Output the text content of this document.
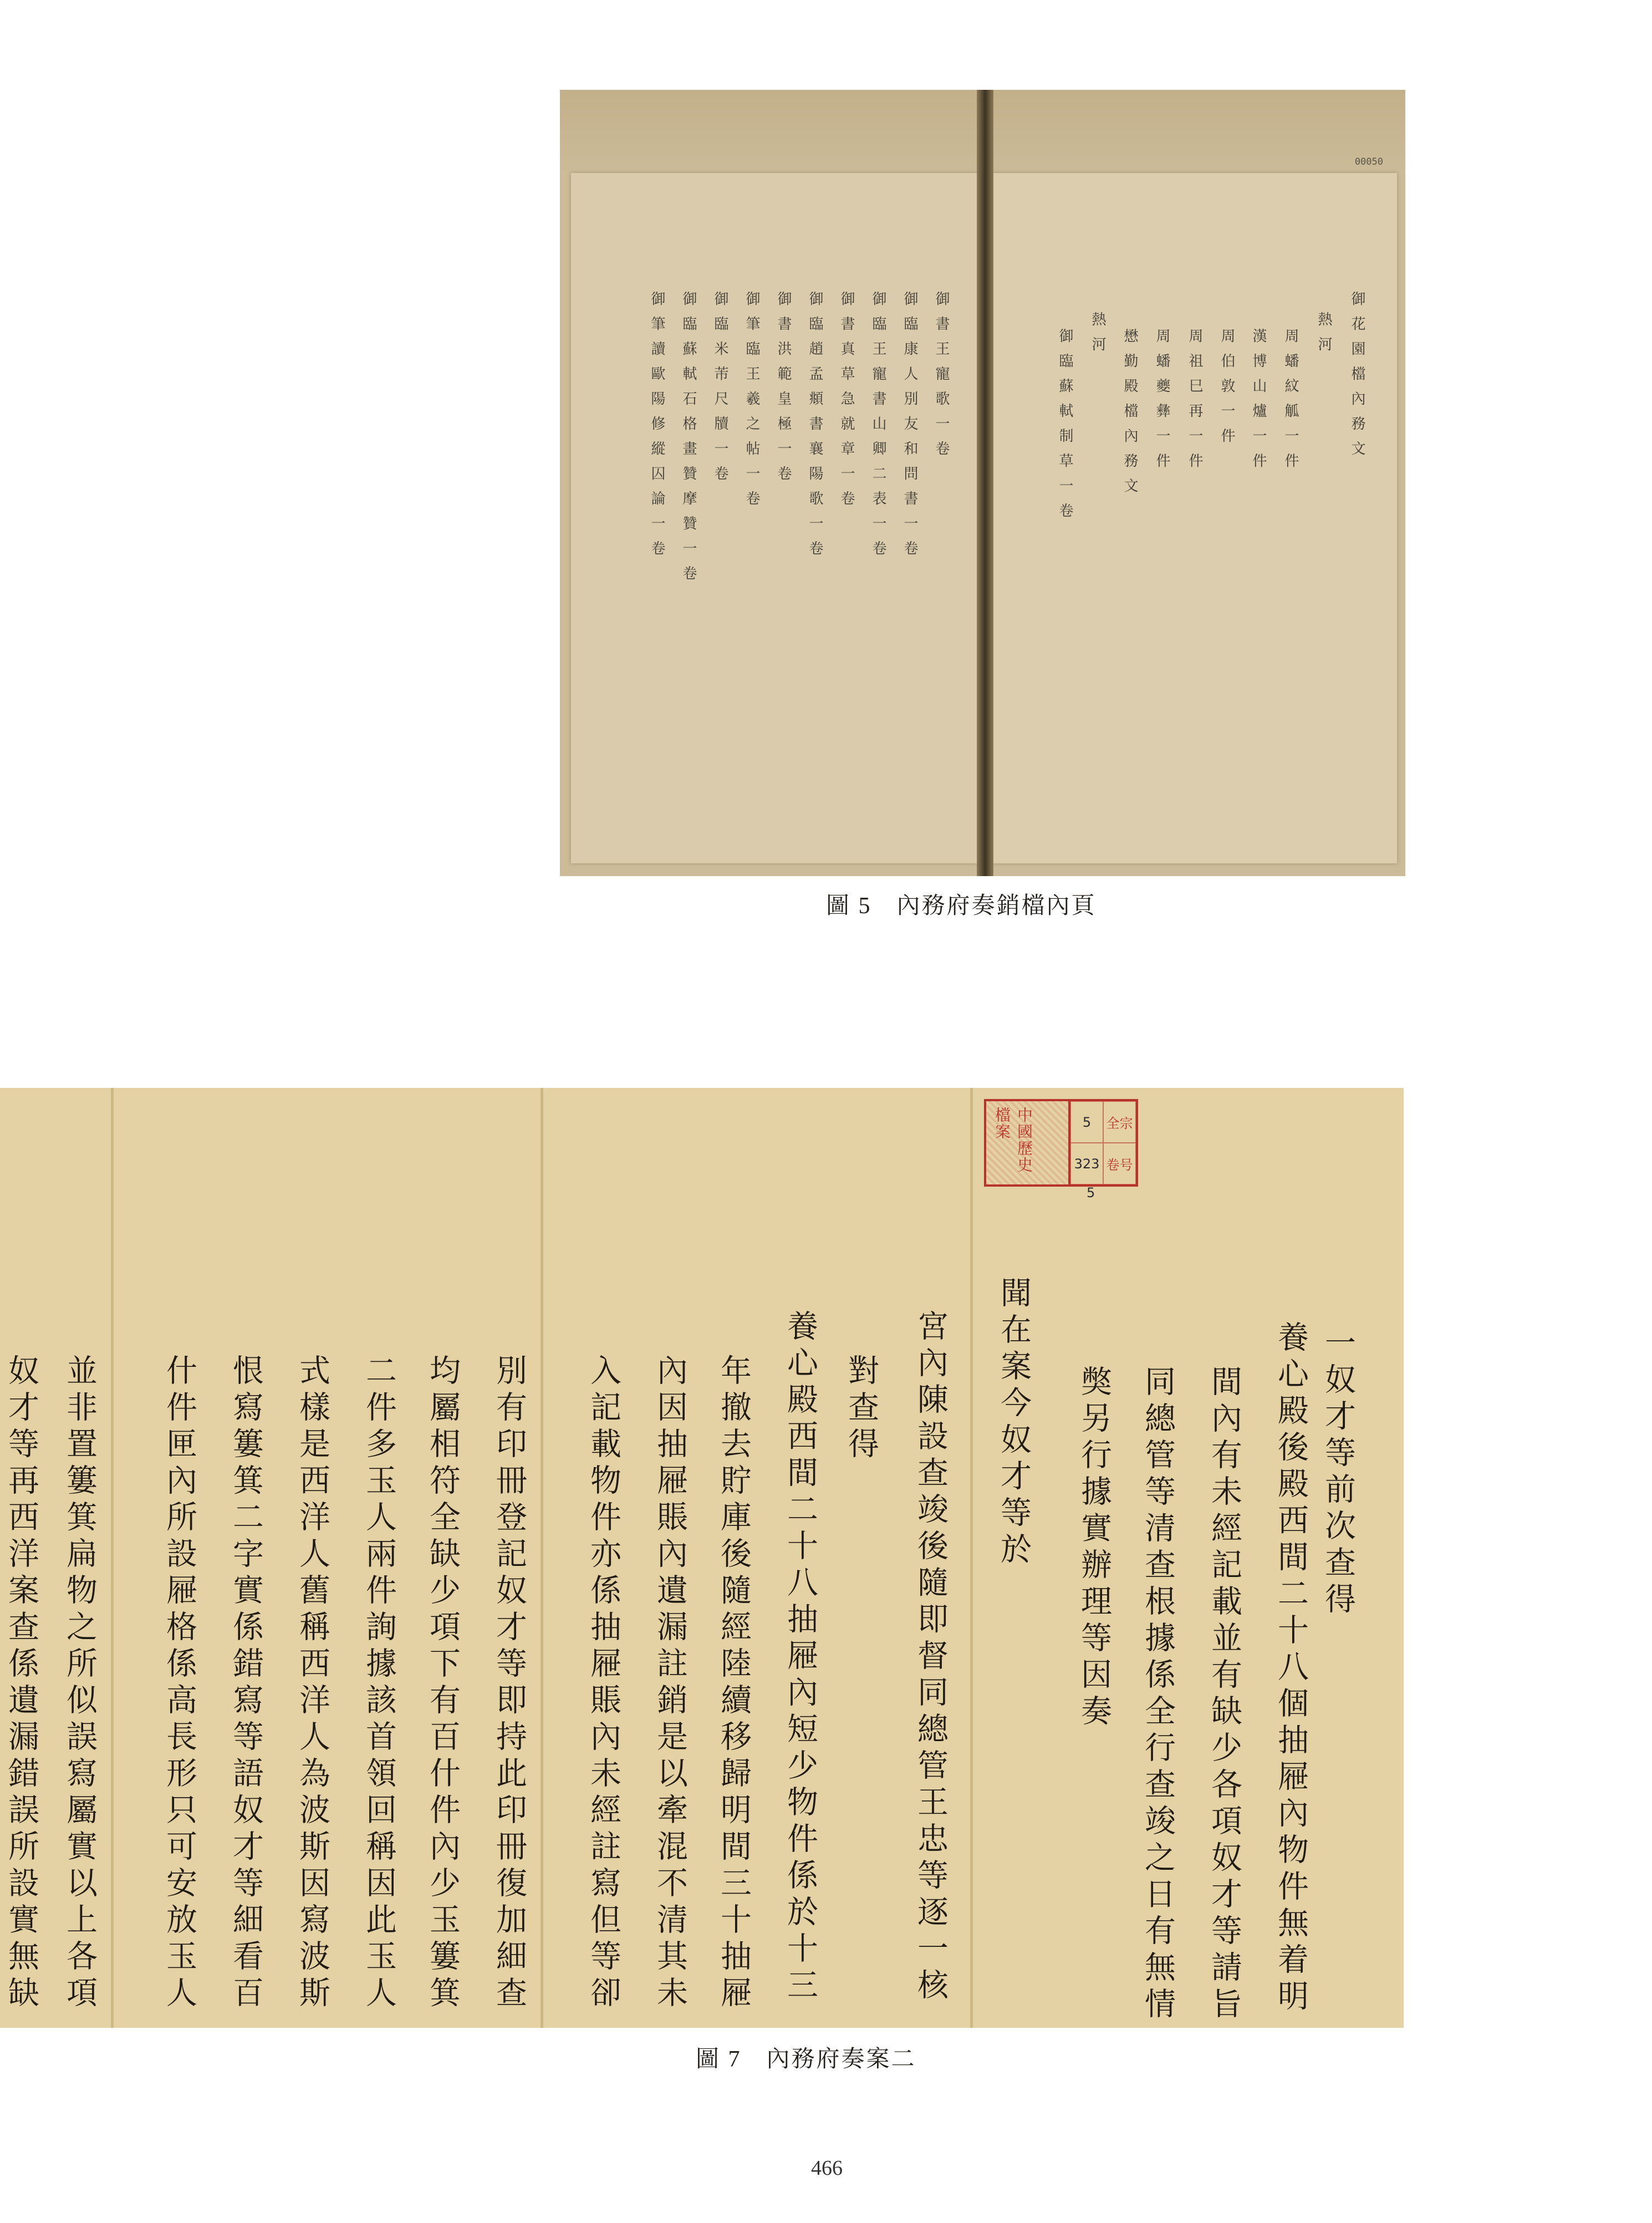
00050
御花園檔內務文
熱河
周蟠紋觚一件
漢博山爐一件
周伯敦一件
周祖巳再一件
周蟠夔彝一件
懋勤殿檔內務文
熱河
御臨蘇軾制草一卷
御書王寵歌一卷
御臨康人別友和問書一卷
御臨王寵書山卿二表一卷
御書真草急就章一卷
御臨趙孟頫書襄陽歌一卷
御書洪範皇極一卷
御筆臨王羲之帖一卷
御臨米芾尺牘一卷
御臨蘇軾石格畫贊摩贊一卷
御筆讀歐陽修縱囚論一卷
圖 5　內務府奏銷檔內頁
中國歷史檔案	5	全宗
323 卷号
5
一奴才等前次查得
養心殿後殿西間二十八個抽屜內物件無着明
間內有未經記載並有缺少各項奴才等請旨
同總管等清查根據係全行查竣之日有無情
獘另行據實辦理等因奏
聞在案今奴才等於
宮內陳設查竣後隨即督同總管王忠等逐一核
對查得
養心殿西間二十八抽屜內短少物件係於十三
年撤去貯庫後隨經陸續移歸明間三十抽屜
內因抽屜賬內遺漏註銷是以牽混不清其未
入記載物件亦係抽屜賬內未經註寫但等卻
別有印冊登記奴才等即持此印冊復加細查
均屬相符全缺少項下有百什件內少玉簍箕
二件多玉人兩件詢據該首領回稱因此玉人
式樣是西洋人舊稱西洋人為波斯因寫波斯
恨寫簍箕二字實係錯寫等語奴才等細看百
什件匣內所設屜格係高長形只可安放玉人
並非置簍箕扁物之所似誤寫屬實以上各項
奴才等再西洋案查係遺漏錯誤所設實無缺
圖 7　內務府奏案二
466
